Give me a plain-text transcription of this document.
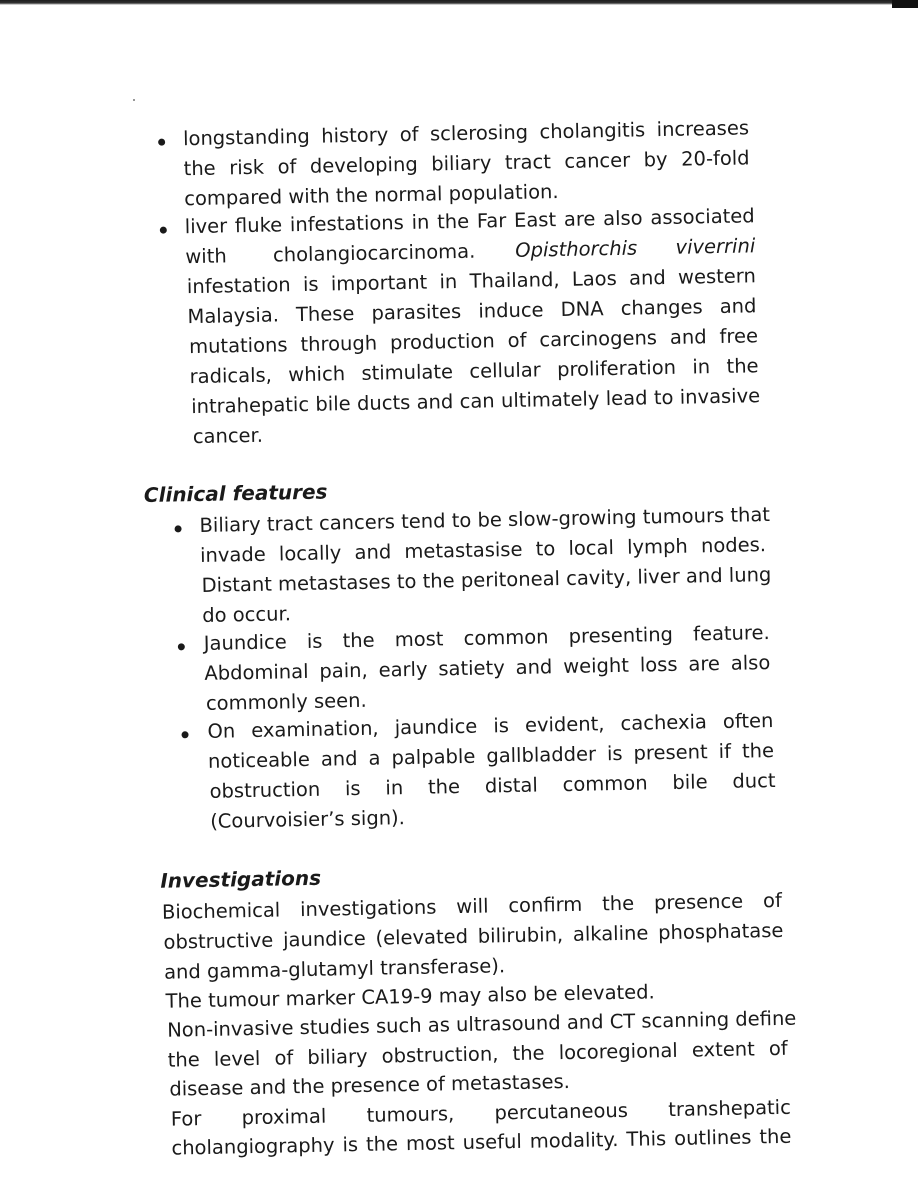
longstanding history of sclerosing cholangitis increases
the risk of developing biliary tract cancer by 20-fold
compared with the normal population.
liver fluke infestations in the Far East are also associated
with cholangiocarcinoma. Opisthorchis viverrini
infestation is important in Thailand, Laos and western
Malaysia. These parasites induce DNA changes and
mutations through production of carcinogens and free
radicals, which stimulate cellular proliferation in the
intrahepatic bile ducts and can ultimately lead to invasive
cancer.
Clinical features
Biliary tract cancers tend to be slow-growing tumours that
invade locally and metastasise to local lymph nodes.
Distant metastases to the peritoneal cavity, liver and lung
do occur.
Jaundice is the most common presenting feature.
Abdominal pain, early satiety and weight loss are also
commonly seen.
On examination, jaundice is evident, cachexia often
noticeable and a palpable gallbladder is present if the
obstruction is in the distal common bile duct
(Courvoisier’s sign).
Investigations
Biochemical investigations will confirm the presence of
obstructive jaundice (elevated bilirubin, alkaline phosphatase
and gamma-glutamyl transferase).
The tumour marker CA19-9 may also be elevated.
Non-invasive studies such as ultrasound and CT scanning define
the level of biliary obstruction, the locoregional extent of
disease and the presence of metastases.
For proximal tumours, percutaneous transhepatic
cholangiography is the most useful modality. This outlines the
